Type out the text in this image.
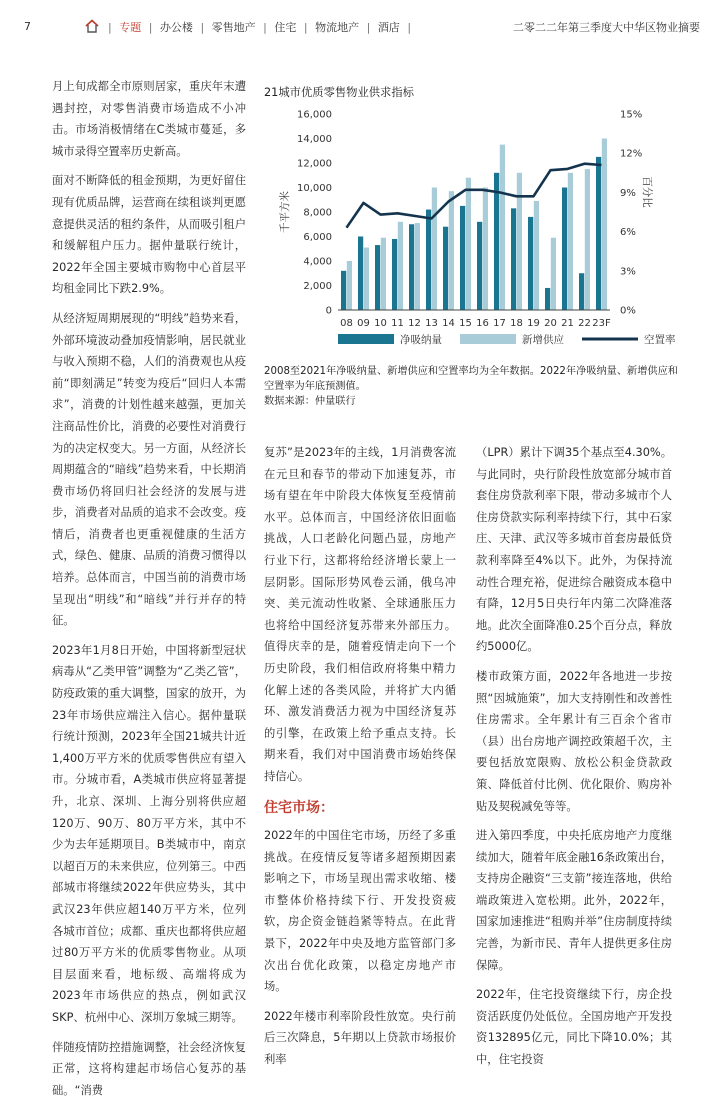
7	| 专题 | 办公楼 | 零售地产 | 住宅 | 物流地产 | 酒店 |	二零二二年第三季度大中华区物业摘要

月上旬成都全市原则居家，重庆年末遭遇封控，对零售消费市场造成不小冲击。市场消极情绪在C类城市蔓延，多城市录得空置率历史新高。

面对不断降低的租金预期，为更好留住现有优质品牌，运营商在续租谈判更愿意提供灵活的租约条件，从而吸引租户和缓解租户压力。据仲量联行统计，2022年全国主要城市购物中心首层平均租金同比下跌2.9%。

从经济短周期展现的“明线”趋势来看，外部环境波动叠加疫情影响，居民就业与收入预期不稳，人们的消费观也从疫前“即刻满足”转变为疫后“回归人本需求”，消费的计划性越来越强，更加关注商品性价比，消费的必要性对消费行为的决定权变大。另一方面，从经济长周期蕴含的“暗线”趋势来看，中长期消费市场仍将回归社会经济的发展与进步，消费者对品质的追求不会改变。疫情后，消费者也更重视健康的生活方式，绿色、健康、品质的消费习惯得以培养。总体而言，中国当前的消费市场呈现出“明线”和“暗线”并行并存的特征。

2023年1月8日开始，中国将新型冠状病毒从“乙类甲管”调整为“乙类乙管”，防疫政策的重大调整，国家的放开，为23年市场供应端注入信心。据仲量联行统计预测，2023年全国21城共计近1,400万平方米的优质零售供应有望入市。分城市看，A类城市供应将显著提升，北京、深圳、上海分别将供应超120万、90万、80万平方米，其中不少为去年延期项目。B类城市中，南京以超百万的未来供应，位列第三。中西部城市将继续2022年供应势头，其中武汉23年供应超140万平方米，位列各城市首位；成都、重庆也都将供应超过80万平方米的优质零售物业。从项目层面来看，地标级、高端将成为2023年市场供应的热点，例如武汉SKP、杭州中心、深圳万象城三期等。

伴随疫情防控措施调整，社会经济恢复正常，这将构建起市场信心复苏的基础。“消费

21城市优质零售物业供求指标
0
2,000
4,000
6,000
8,000
10,000
12,000
14,000
16,000
0%
3%
6%
9%
12%
15%
千平方米	百分比
08 09 10 11 12 13 14 15 16 17 18 19 20 21 22 23F
净吸纳量	新增供应	空置率
2008至2021年净吸纳量、新增供应和空置率均为全年数据。2022年净吸纳量、新增供应和空置率为年底预测值。
数据来源：仲量联行

复苏”是2023年的主线，1月消费客流在元旦和春节的带动下加速复苏，市场有望在年中阶段大体恢复至疫情前水平。总体而言，中国经济依旧面临挑战，人口老龄化问题凸显，房地产行业下行，这都将给经济增长蒙上一层阴影。国际形势风卷云涌，俄乌冲突、美元流动性收紧、全球通胀压力也将给中国经济复苏带来外部压力。值得庆幸的是，随着疫情走向下一个历史阶段，我们相信政府将集中精力化解上述的各类风险，并将扩大内循环、激发消费活力视为中国经济复苏的引擎，在政策上给予重点支持。长期来看，我们对中国消费市场始终保持信心。

住宅市场：

2022年的中国住宅市场，历经了多重挑战。在疫情反复等诸多超预期因素影响之下，市场呈现出需求收缩、楼市整体价格持续下行、开发投资疲软，房企资金链趋紧等特点。在此背景下，2022年中央及地方监管部门多次出台优化政策，以稳定房地产市场。

2022年楼市利率阶段性放宽。央行前后三次降息，5年期以上贷款市场报价利率

（LPR）累计下调35个基点至4.30%。与此同时，央行阶段性放宽部分城市首套住房贷款利率下限，带动多城市个人住房贷款实际利率持续下行，其中石家庄、天津、武汉等多城市首套房最低贷款利率降至4%以下。此外，为保持流动性合理充裕，促进综合融资成本稳中有降，12月5日央行年内第二次降准落地。此次全面降准0.25个百分点，释放约5000亿。

楼市政策方面，2022年各地进一步按照“因城施策”，加大支持刚性和改善性住房需求。全年累计有三百余个省市（县）出台房地产调控政策超千次，主要包括放宽限购、放松公积金贷款政策、降低首付比例、优化限价、购房补贴及契税减免等等。

进入第四季度，中央托底房地产力度继续加大，随着年底金融16条政策出台，支持房企融资“三支箭”接连落地，供给端政策进入宽松期。此外，2022年，国家加速推进“租购并举”住房制度持续完善，为新市民、青年人提供更多住房保障。

2022年，住宅投资继续下行，房企投资活跃度仍处低位。全国房地产开发投资132895亿元，同比下降10.0%；其中，住宅投资
